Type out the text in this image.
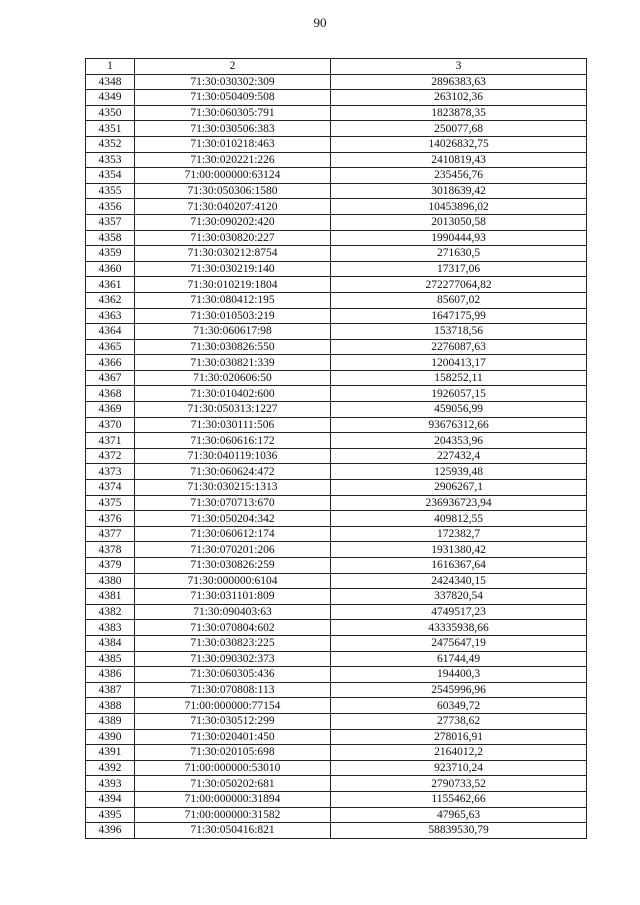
90
1	2	3
4348	71:30:030302:309	2896383,63
4349	71:30:050409:508	263102,36
4350	71:30:060305:791	1823878,35
4351	71:30:030506:383	250077,68
4352	71:30:010218:463	14026832,75
4353	71:30:020221:226	2410819,43
4354	71:00:000000:63124	235456,76
4355	71:30:050306:1580	3018639,42
4356	71:30:040207:4120	10453896,02
4357	71:30:090202:420	2013050,58
4358	71:30:030820:227	1990444,93
4359	71:30:030212:8754	271630,5
4360	71:30:030219:140	17317,06
4361	71:30:010219:1804	272277064,82
4362	71:30:080412:195	85607,02
4363	71:30:010503:219	1647175,99
4364	71:30:060617:98	153718,56
4365	71:30:030826:550	2276087,63
4366	71:30:030821:339	1200413,17
4367	71:30:020606:50	158252,11
4368	71:30:010402:600	1926057,15
4369	71:30:050313:1227	459056,99
4370	71:30:030111:506	93676312,66
4371	71:30:060616:172	204353,96
4372	71:30:040119:1036	227432,4
4373	71:30:060624:472	125939,48
4374	71:30:030215:1313	2906267,1
4375	71:30:070713:670	236936723,94
4376	71:30:050204:342	409812,55
4377	71:30:060612:174	172382,7
4378	71:30:070201:206	1931380,42
4379	71:30:030826:259	1616367,64
4380	71:30:000000:6104	2424340,15
4381	71:30:031101:809	337820,54
4382	71:30:090403:63	4749517,23
4383	71:30:070804:602	43335938,66
4384	71:30:030823:225	2475647,19
4385	71:30:090302:373	61744,49
4386	71:30:060305:436	194400,3
4387	71:30:070808:113	2545996,96
4388	71:00:000000:77154	60349,72
4389	71:30:030512:299	27738,62
4390	71:30:020401:450	278016,91
4391	71:30:020105:698	2164012,2
4392	71:00:000000:53010	923710,24
4393	71:30:050202:681	2790733,52
4394	71:00:000000:31894	1155462,66
4395	71:00:000000:31582	47965,63
4396	71:30:050416:821	58839530,79
